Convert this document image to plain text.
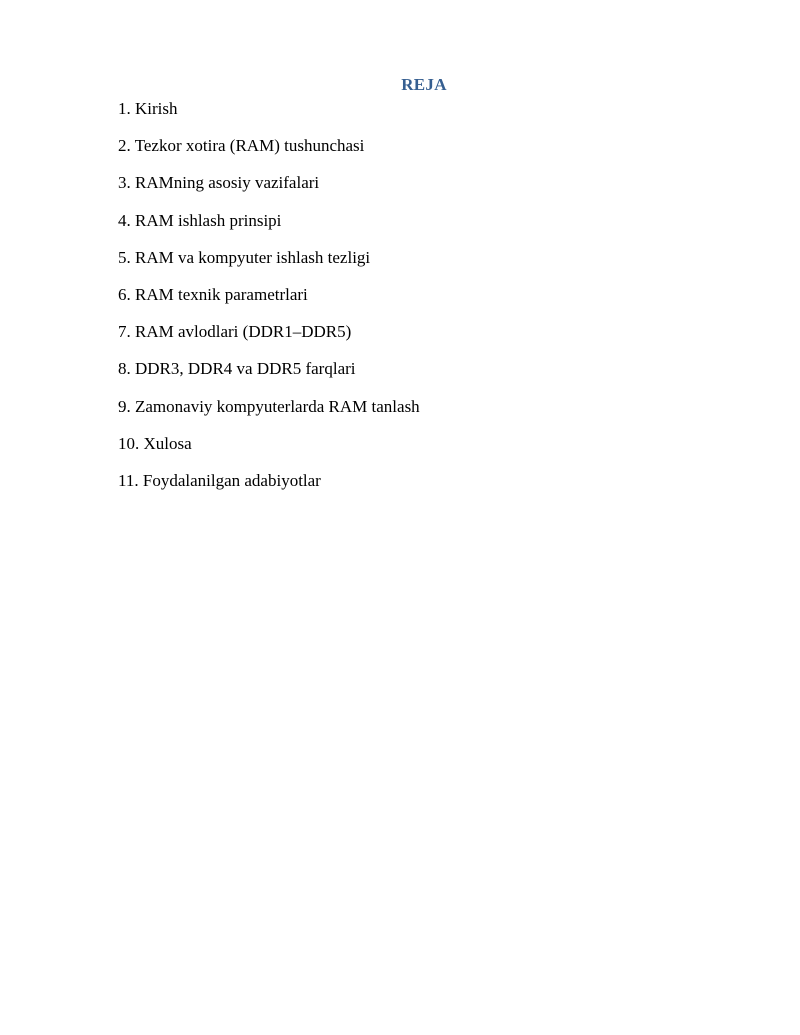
REJA
1. Kirish
2. Tezkor xotira (RAM) tushunchasi
3. RAMning asosiy vazifalari
4. RAM ishlash prinsipi
5. RAM va kompyuter ishlash tezligi
6. RAM texnik parametrlari
7. RAM avlodlari (DDR1–DDR5)
8. DDR3, DDR4 va DDR5 farqlari
9. Zamonaviy kompyuterlarda RAM tanlash
10. Xulosa
11. Foydalanilgan adabiyotlar
